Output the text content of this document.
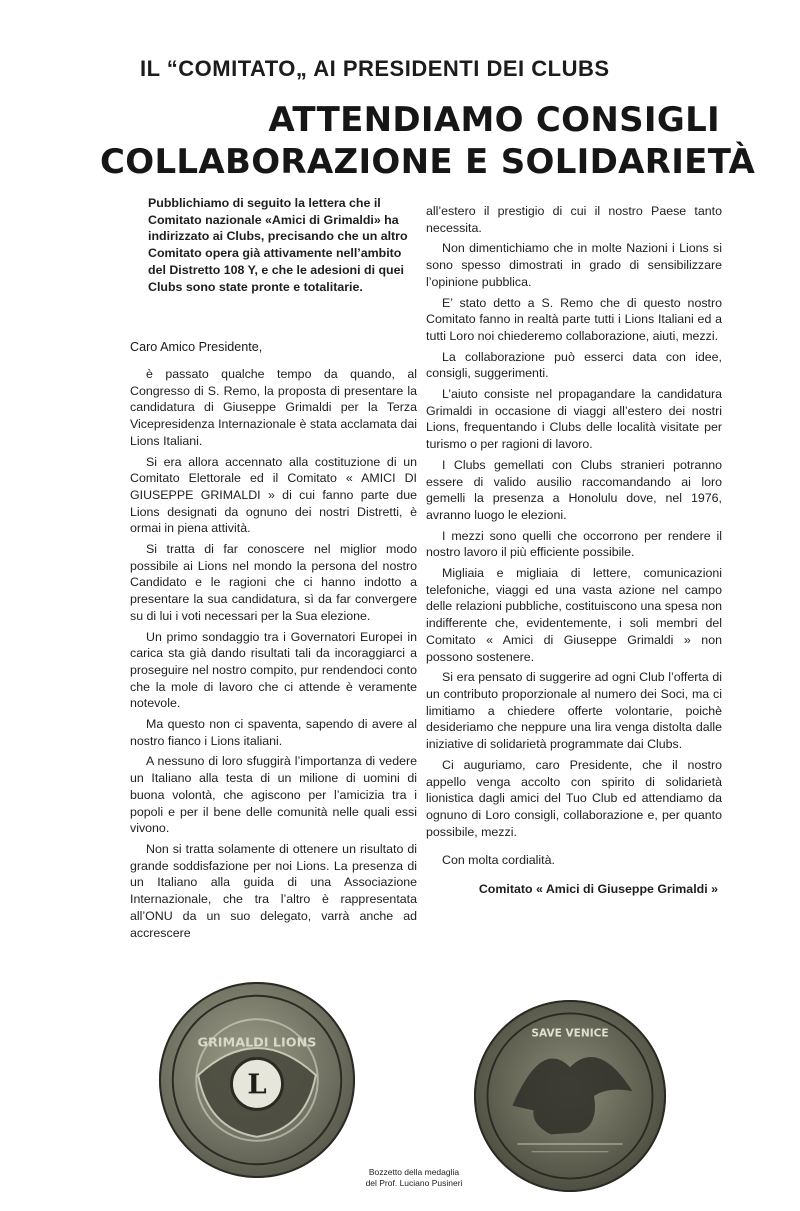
IL “COMITATO„ AI PRESIDENTI DEI CLUBS
ATTENDIAMO CONSIGLI
COLLABORAZIONE E SOLIDARIETÀ
Pubblichiamo di seguito la lettera che il Comitato nazionale «Amici di Grimaldi» ha indirizzato ai Clubs, precisando che un altro Comitato opera già attivamente nell’ambito del Distretto 108 Y, e che le adesioni di quei Clubs sono state pronte e totalitarie.
Caro Amico Presidente,

è passato qualche tempo da quando, al Congresso di S. Remo, la proposta di presentare la candidatura di Giuseppe Grimaldi per la Terza Vicepresidenza Internazionale è stata acclamata dai Lions Italiani.

Si era allora accennato alla costituzione di un Comitato Elettorale ed il Comitato « AMICI DI GIUSEPPE GRIMALDI » di cui fanno parte due Lions designati da ognuno dei nostri Distretti, è ormai in piena attività.

Si tratta di far conoscere nel miglior modo possibile ai Lions nel mondo la persona del nostro Candidato e le ragioni che ci hanno indotto a presentare la sua candidatura, sì da far convergere su di lui i voti necessari per la Sua elezione.

Un primo sondaggio tra i Governatori Europei in carica sta già dando risultati tali da incoraggiarci a proseguire nel nostro compito, pur rendendoci conto che la mole di lavoro che ci attende è veramente notevole.

Ma questo non ci spaventa, sapendo di avere al nostro fianco i Lions italiani.

A nessuno di loro sfuggirà l’importanza di vedere un Italiano alla testa di un milione di uomini di buona volontà, che agiscono per l’amicizia tra i popoli e per il bene delle comunità nelle quali essi vivono.

Non si tratta solamente di ottenere un risultato di grande soddisfazione per noi Lions. La presenza di un Italiano alla guida di una Associazione Internazionale, che tra l’altro è rappresentata all’ONU da un suo delegato, varrà anche ad accrescere

all’estero il prestigio di cui il nostro Paese tanto necessita.

Non dimentichiamo che in molte Nazioni i Lions si sono spesso dimostrati in grado di sensibilizzare l’opinione pubblica.

E’ stato detto a S. Remo che di questo nostro Comitato fanno in realtà parte tutti i Lions Italiani ed a tutti Loro noi chiederemo collaborazione, aiuti, mezzi.

La collaborazione può esserci data con idee, consigli, suggerimenti.

L’aiuto consiste nel propagandare la candidatura Grimaldi in occasione di viaggi all’estero dei nostri Lions, frequentando i Clubs delle località visitate per turismo o per ragioni di lavoro.

I Clubs gemellati con Clubs stranieri potranno essere di valido ausilio raccomandando ai loro gemelli la presenza a Honolulu dove, nel 1976, avranno luogo le elezioni.

I mezzi sono quelli che occorrono per rendere il nostro lavoro il più efficiente possibile.

Migliaia e migliaia di lettere, comunicazioni telefoniche, viaggi ed una vasta azione nel campo delle relazioni pubbliche, costituiscono una spesa non indifferente che, evidentemente, i soli membri del Comitato « Amici di Giuseppe Grimaldi » non possono sostenere.

Si era pensato di suggerire ad ogni Club l’offerta di un contributo proporzionale al numero dei Soci, ma ci limitiamo a chiedere offerte volontarie, poichè desideriamo che neppure una lira venga distolta dalle iniziative di solidarietà programmate dai Clubs.

Ci auguriamo, caro Presidente, che il nostro appello venga accolto con spirito di solidarietà lionistica dagli amici del Tuo Club ed attendiamo da ognuno di Loro consigli, collaborazione e, per quanto possibile, mezzi.

Con molta cordialità.
Comitato « Amici di Giuseppe Grimaldi »
L
GRIMALDI LIONS
SAVE VENICE
Bozzetto della medaglia
del Prof. Luciano Pusineri
